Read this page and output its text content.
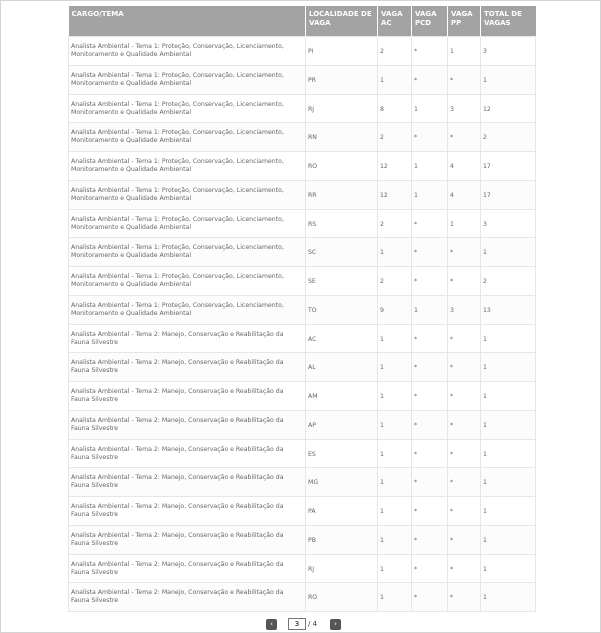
CARGO/TEMA	LOCALIDADE DE VAGA	VAGA AC	VAGA PCD	VAGA PP	TOTAL DE VAGAS
Analista Ambiental - Tema 1: Proteção, Conservação, Licenciamento, Monitoramento e Qualidade Ambiental	PI	2	*	1	3
Analista Ambiental - Tema 1: Proteção, Conservação, Licenciamento, Monitoramento e Qualidade Ambiental	PR	1	*	*	1
Analista Ambiental - Tema 1: Proteção, Conservação, Licenciamento, Monitoramento e Qualidade Ambiental	RJ	8	1	3	12
Analista Ambiental - Tema 1: Proteção, Conservação, Licenciamento, Monitoramento e Qualidade Ambiental	RN	2	*	*	2
Analista Ambiental - Tema 1: Proteção, Conservação, Licenciamento, Monitoramento e Qualidade Ambiental	RO	12	1	4	17
Analista Ambiental - Tema 1: Proteção, Conservação, Licenciamento, Monitoramento e Qualidade Ambiental	RR	12	1	4	17
Analista Ambiental - Tema 1: Proteção, Conservação, Licenciamento, Monitoramento e Qualidade Ambiental	RS	2	*	1	3
Analista Ambiental - Tema 1: Proteção, Conservação, Licenciamento, Monitoramento e Qualidade Ambiental	SC	1	*	*	1
Analista Ambiental - Tema 1: Proteção, Conservação, Licenciamento, Monitoramento e Qualidade Ambiental	SE	2	*	*	2
Analista Ambiental - Tema 1: Proteção, Conservação, Licenciamento, Monitoramento e Qualidade Ambiental	TO	9	1	3	13
Analista Ambiental - Tema 2: Manejo, Conservação e Reabilitação da Fauna Silvestre	AC	1	*	*	1
Analista Ambiental - Tema 2: Manejo, Conservação e Reabilitação da Fauna Silvestre	AL	1	*	*	1
Analista Ambiental - Tema 2: Manejo, Conservação e Reabilitação da Fauna Silvestre	AM	1	*	*	1
Analista Ambiental - Tema 2: Manejo, Conservação e Reabilitação da Fauna Silvestre	AP	1	*	*	1
Analista Ambiental - Tema 2: Manejo, Conservação e Reabilitação da Fauna Silvestre	ES	1	*	*	1
Analista Ambiental - Tema 2: Manejo, Conservação e Reabilitação da Fauna Silvestre	MG	1	*	*	1
Analista Ambiental - Tema 2: Manejo, Conservação e Reabilitação da Fauna Silvestre	PA	1	*	*	1
Analista Ambiental - Tema 2: Manejo, Conservação e Reabilitação da Fauna Silvestre	PB	1	*	*	1
Analista Ambiental - Tema 2: Manejo, Conservação e Reabilitação da Fauna Silvestre	RJ	1	*	*	1
Analista Ambiental - Tema 2: Manejo, Conservação e Reabilitação da Fauna Silvestre	RO	1	*	*	1
‹
3	/ 4 ›
